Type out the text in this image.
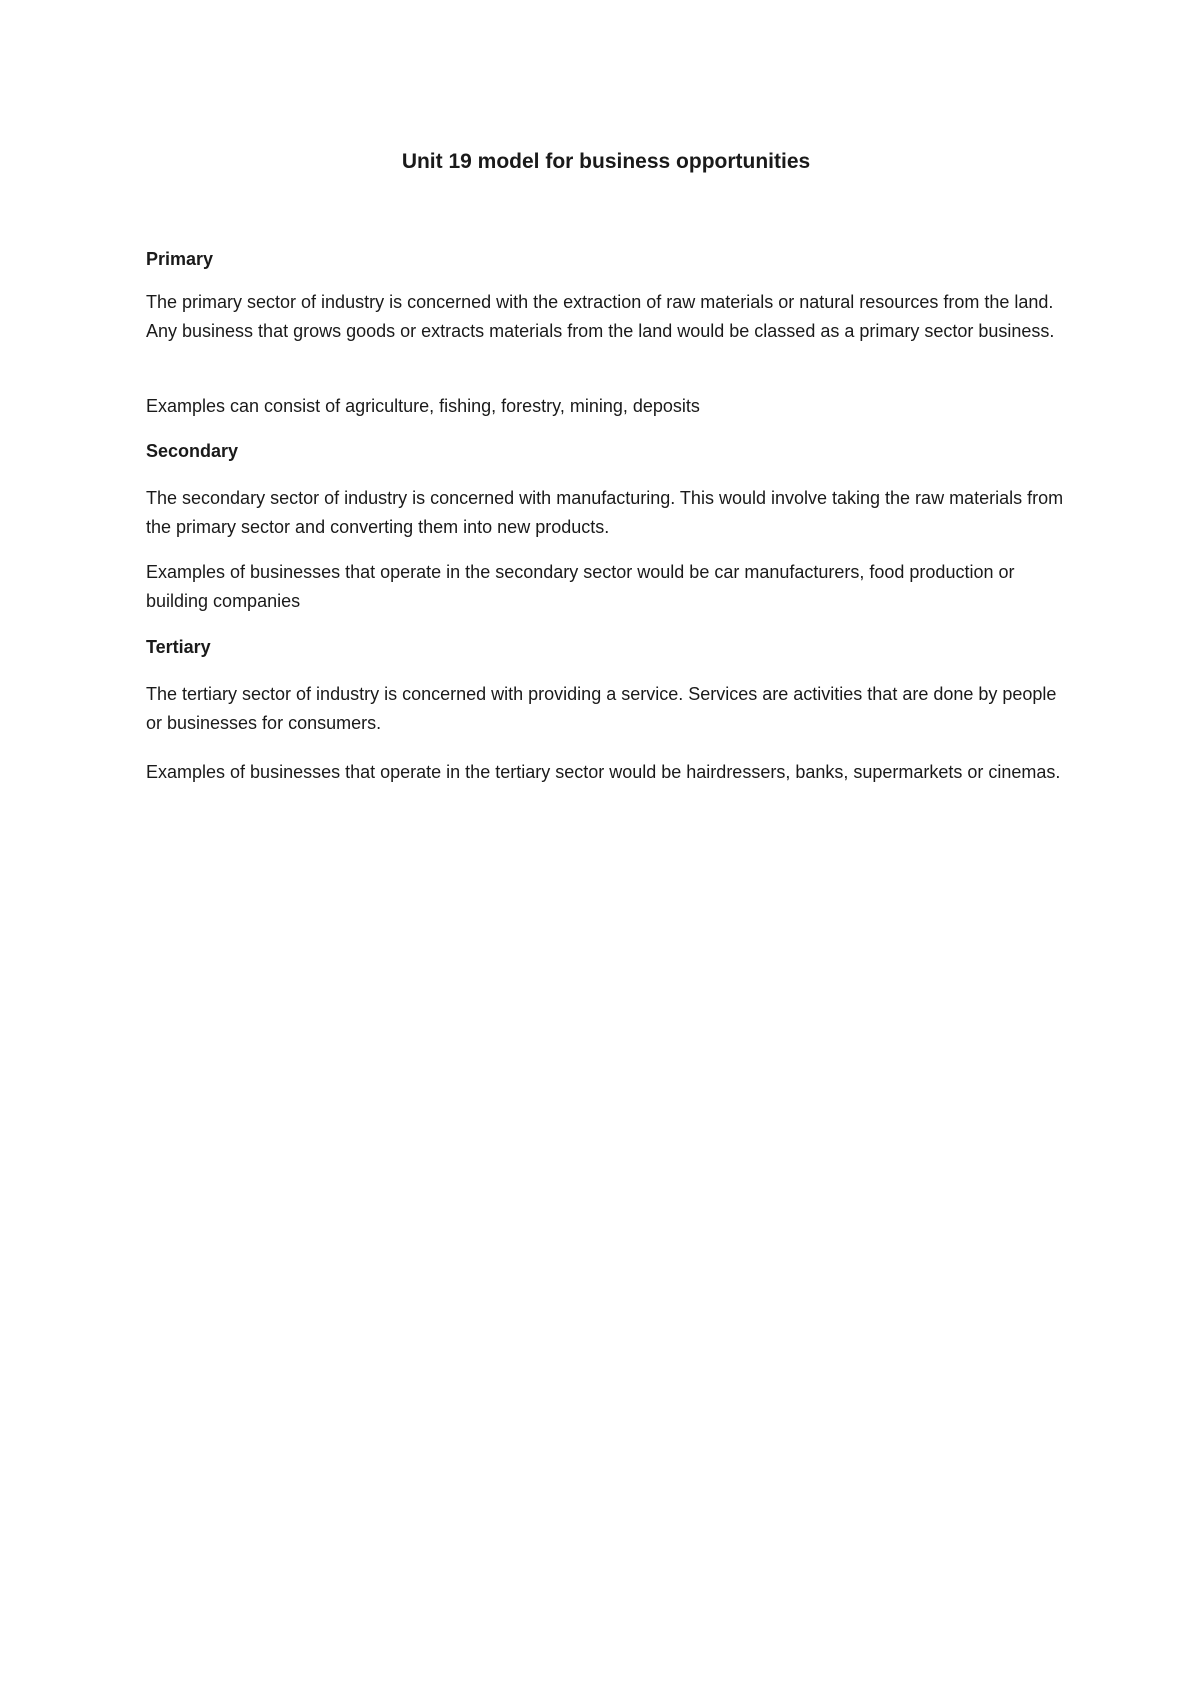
Unit 19 model for business opportunities
Primary

The primary sector of industry is concerned with the extraction of raw materials or natural resources from the land. Any business that grows goods or extracts materials from the land would be classed as a primary sector business.

Examples can consist of agriculture, fishing, forestry, mining, deposits

Secondary

The secondary sector of industry is concerned with manufacturing. This would involve taking the raw materials from the primary sector and converting them into new products.

Examples of businesses that operate in the secondary sector would be car manufacturers, food production or building companies

Tertiary

The tertiary sector of industry is concerned with providing a service. Services are activities that are done by people or businesses for consumers.

Examples of businesses that operate in the tertiary sector would be hairdressers, banks, supermarkets or cinemas.
